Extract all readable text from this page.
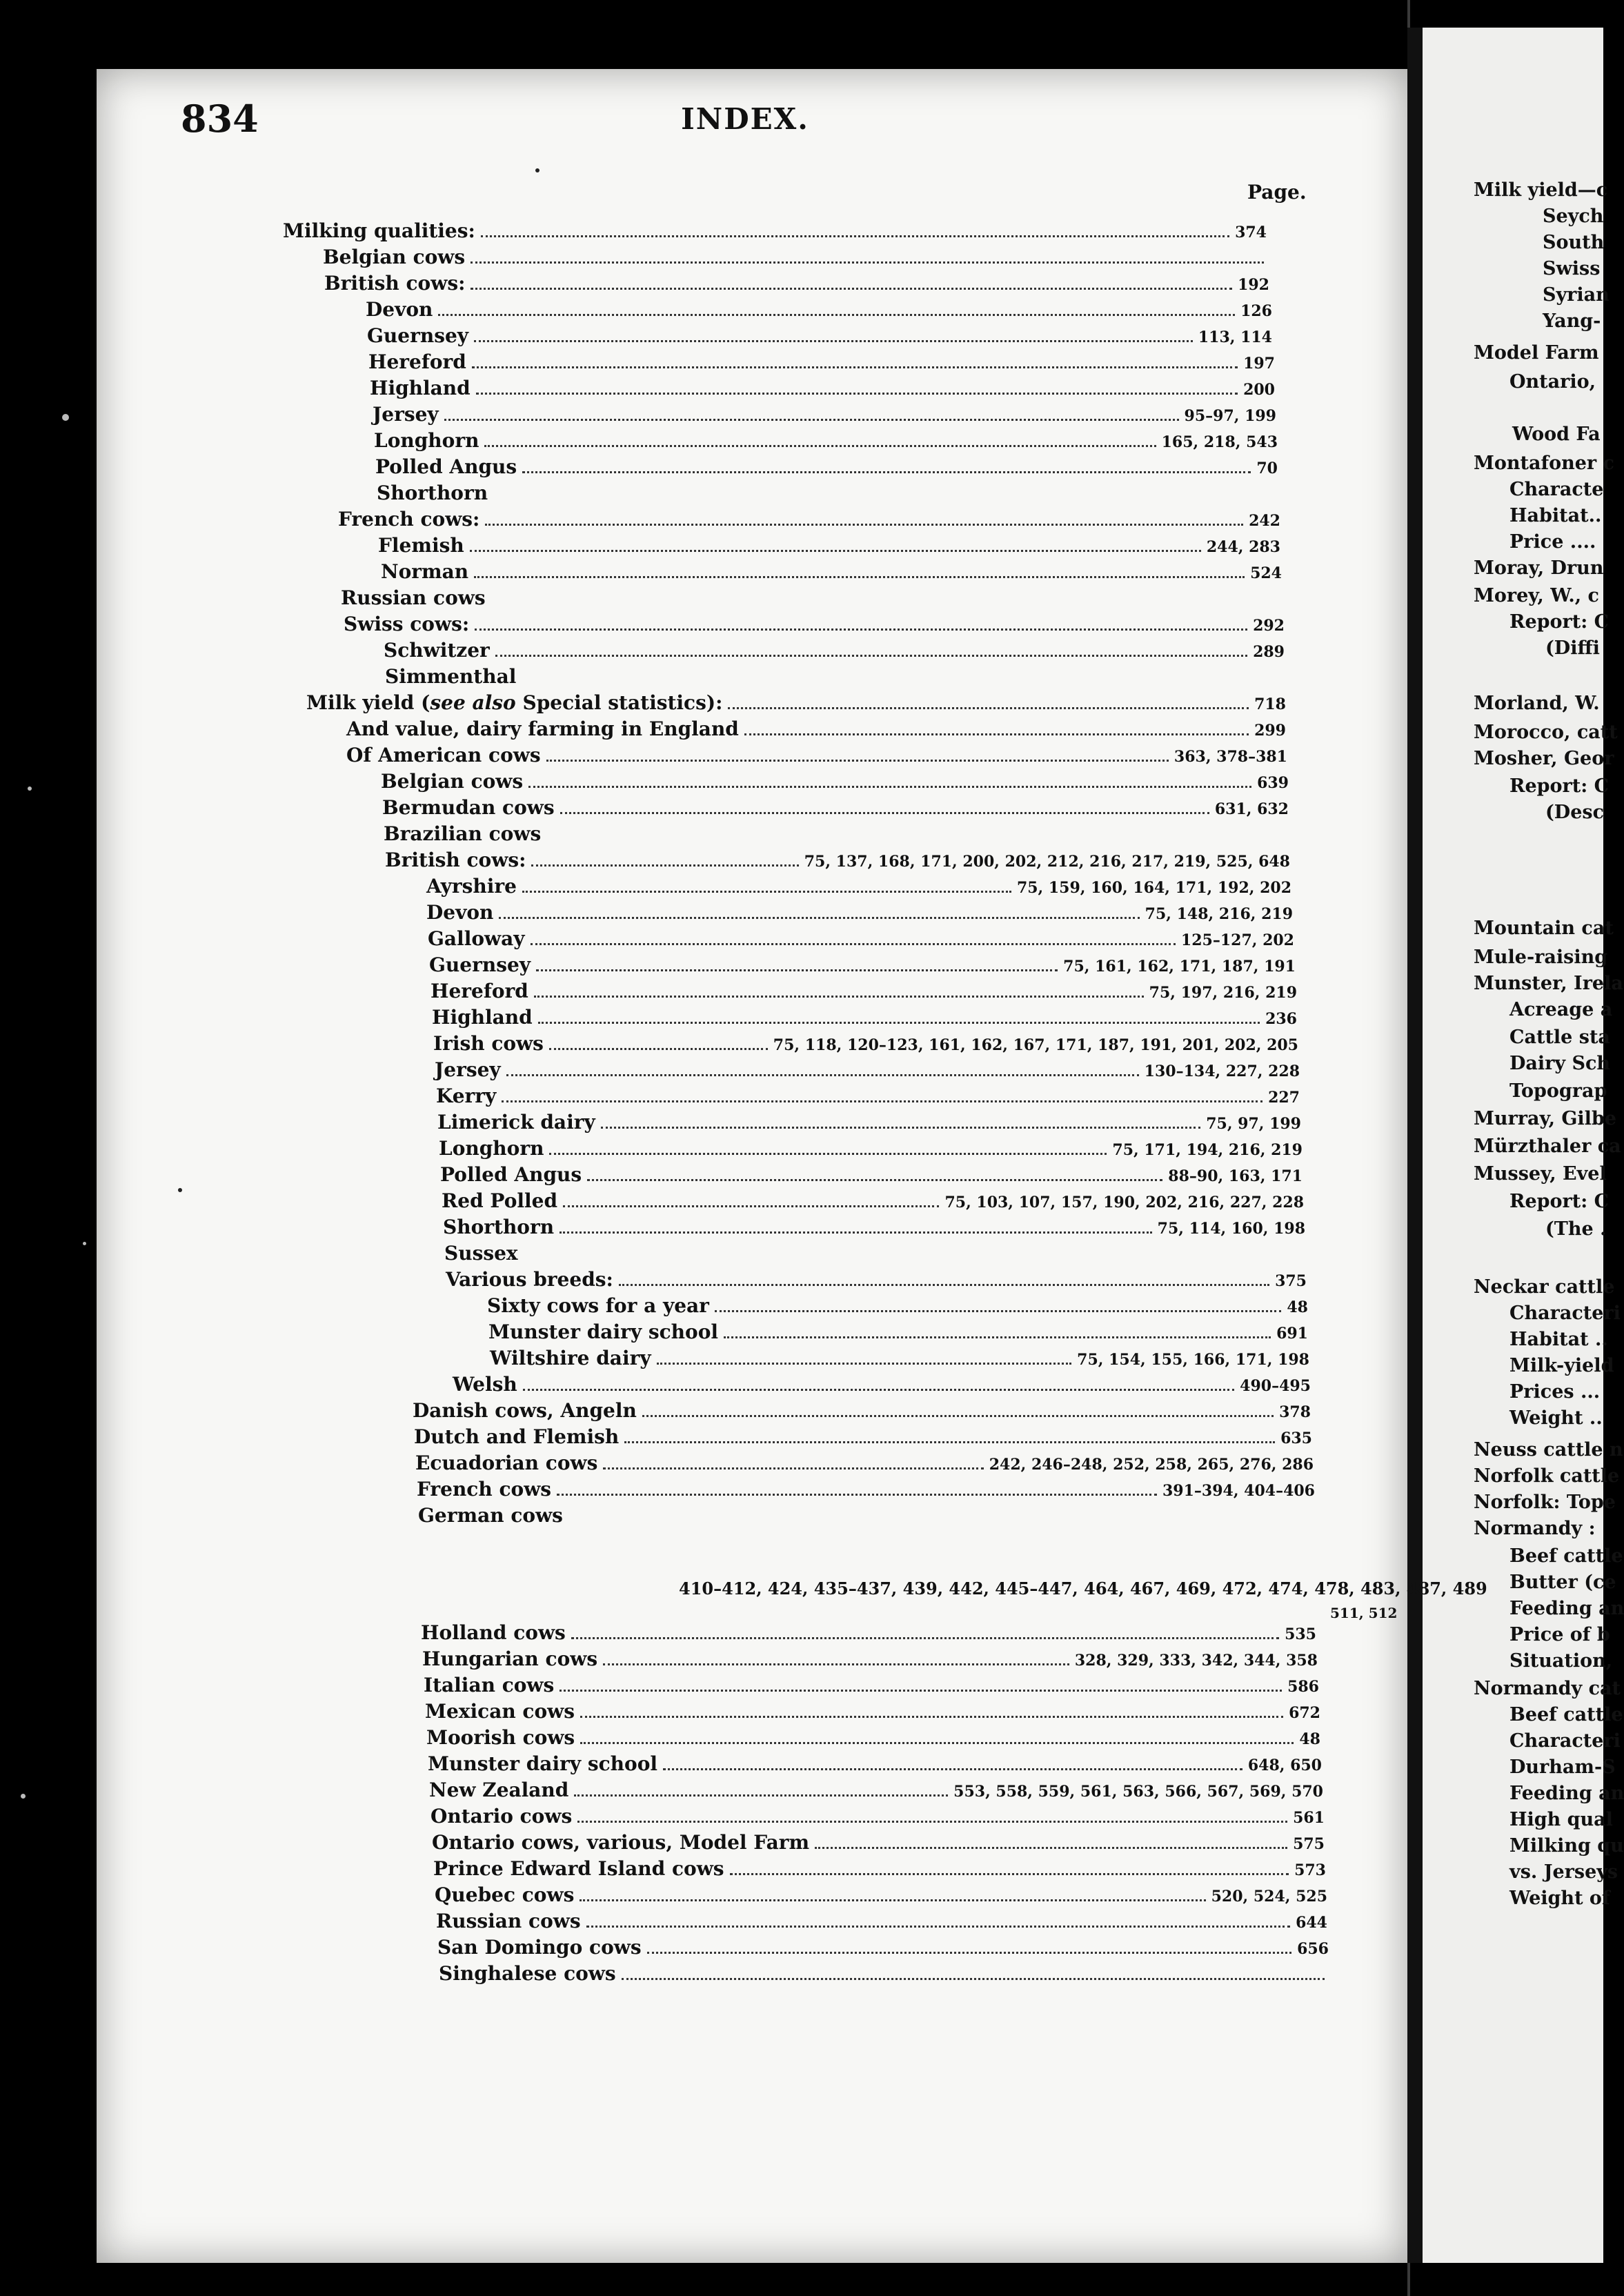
Milk yield—c
Seych
South
Swiss
Syrian
Yang-
Model Farm
Ontario,
Wood Fa
Montafoner c
Characte
Habitat..
Price ....
Moray, Drun
Morey, W., c
Report: C
(Diffi
Morland, W.
Morocco, catt
Mosher, Geor
Report: C
(Desc
Mountain cat
Mule-raising
Munster, Irela
Acreage a
Cattle sta
Dairy Sch
Topograp
Murray, Gilbe
Mürzthaler ca
Mussey, Evel
Report: C
(The .
Neckar cattle
Characteri
Habitat ..
Milk-yield
Prices ...
Weight ..
Neuss cattle n
Norfolk cattle
Norfolk: Tope
Normandy :
Beef cattle
Butter (ce
Feeding an
Price of b
Situation,
Normandy cat
Beef cattle
Characteri
Durham-S
Feeding an
High qual
Milking qu
vs. Jerseys
Weight of
834	INDEX.
Page.
Milking qualities:	374
Belgian cows
British cows:	192
Devon	126
Guernsey	113, 114
Hereford	197
Highland	200
Jersey	95–97, 199
Longhorn	165, 218, 543
Polled Angus	70
Shorthorn
French cows:	242
Flemish	244, 283
Norman	524
Russian cows
Swiss cows:	292
Schwitzer	289
Simmenthal
Milk yield (see also Special statistics):	718
And value, dairy farming in England	299
Of American cows	363, 378–381
Belgian cows	639
Bermudan cows	631, 632
Brazilian cows
British cows:	75, 137, 168, 171, 200, 202, 212, 216, 217, 219, 525, 648
Ayrshire	75, 159, 160, 164, 171, 192, 202
Devon	75, 148, 216, 219
Galloway	125–127, 202
Guernsey	75, 161, 162, 171, 187, 191
Hereford	75, 197, 216, 219
Highland	236
Irish cows	75, 118, 120–123, 161, 162, 167, 171, 187, 191, 201, 202, 205
Jersey	130–134, 227, 228
Kerry	227
Limerick dairy	75, 97, 199
Longhorn	75, 171, 194, 216, 219
Polled Angus	88–90, 163, 171
Red Polled	75, 103, 107, 157, 190, 202, 216, 227, 228
Shorthorn	75, 114, 160, 198
Sussex
Various breeds:	375
Sixty cows for a year	48
Munster dairy school	691
Wiltshire dairy	75, 154, 155, 166, 171, 198
Welsh	490–495
Danish cows, Angeln	378
Dutch and Flemish	635
Ecuadorian cows	242, 246–248, 252, 258, 265, 276, 286
French cows	391–394, 404–406
German cows
Holland cows	535
Hungarian cows	328, 329, 333, 342, 344, 358
Italian cows	586
Mexican cows	672
Moorish cows	48
Munster dairy school	648, 650
New Zealand	553, 558, 559, 561, 563, 566, 567, 569, 570
Ontario cows	561
Ontario cows, various, Model Farm	575
Prince Edward Island cows	573
Quebec cows	520, 524, 525
Russian cows	644
San Domingo cows	656
Singhalese cows
410–412, 424, 435–437, 439, 442, 445–447, 464, 467, 469, 472, 474, 478, 483, 487, 489
511, 512
